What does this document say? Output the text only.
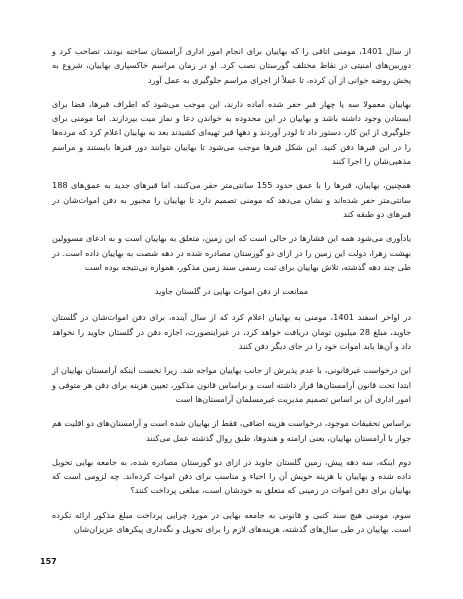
از سال 1401، مومنی اتاقی را که بهاییان برای انجام امور اداری آرامستان ساخته بودند، تصاحب کرد و دوربین‌های امنیتی در نقاط مختلف گورستان نصب کرد. او در زمان مراسم خاکسپاری بهاییان، شروع به پخش روضه خوانی از آن کرده، تا عملاً از اجرای مراسم جلوگیری به عمل آورد

بهاییان معمولا سه یا چهار قبر حفر شده آماده دارند، این موجب می‌شود که اطراف قبرها، فضا برای ایستادن وجود داشته باشد و بهاییان در این محدوده به خواندن دعا و نماز میت بپردازند. اما مومنی برای جلوگیری از این کار، دستور داد تا لودر آوردند و دهها قبر تهیه‌ای کشیدند بعد به بهاییان اعلام کرد که مرده‌ها را در این قبرها دفن کنید. این شکل قبرها موجب می‌شود تا بهاییان نتوانند دور قبرها بایستند و مراسم مذهبی‌شان را اجرا کنند

همچنین، بهاییان، قبرها را با عمق حدود 155 سانتی‌متر حفر می‌کنند، اما قبرهای جدید به عمق‌های 188 سانتی‌متر حفر شده‌اند و نشان می‌دهد که مومنی تصمیم دارد تا بهاییان را مجبور به دفن اموات‌شان در قبرهای دو طبقه کند

یادآوری می‌شود همه این فشارها در حالی است که این زمین، متعلق به بهاییان است و به ادعای مسوولین بهشت زهرا، دولت این زمین را در ازای دو گورستان مصادره شده در دهه شصت به بهاییان داده است. در طی چند دهه گذشته، تلاش بهاییان برای ثبت رسمی سند زمین مذکور، همواره بی‌نتیجه بوده است

ممانعت از دفن اموات بهایی در گلستان جاوید

در اواخر اسفند 1401، مومنی به بهاییان اعلام کرد که از سال آینده، برای دفن اموات‌شان در گلستان جاوید، مبلغ 28 میلیون تومان دریافت خواهد کرد، در غیراینصورت، اجازه دفن در گلستان جاوید را نخواهد داد و آن‌ها باید اموات خود را در جای دیگر دفن کنند

این درخواست غیرقانونی، با عدم پذیرش از جانب بهاییان مواجه شد. زیرا نخست اینکه آرامستان بهاییان از ابتدا تحت قانون آرامستان‌ها قرار داشته است و براساس قانون مذکور، تعیین هزینه برای دفن هر متوفی و امور اداری آن بر اساس تصمیم مدیریت غیرمسلمان آرامستان‌ها است

براساس تحقیقات موجود، درخواست هزینه اضافی، فقط از بهاییان شده است و آرامستان‌های دو اقلیت هم جوار با آرامستان بهاییان، یعنی ارامنه و هندوها، طبق روال گذشته عمل می‌کنند

دوم اینکه، سه دهه پیش، زمین گلستان جاوید در ازای دو گورستان مصادره شده، به جامعه بهایی تحویل داده شده و بهاییان با هزینه خویش آن را احیاء و مناسب برای دفن اموات کرده‌اند. چه لزومی است که بهاییان برای دفن اموات در زمینی که متعلق به خودشان است، مبلغی پرداخت کنند؟

سوم، مومنی هیچ سند کتبی و قانونی به جامعه بهایی در مورد چرایی پرداخت مبلغ مذکور ارائه نکرده است. بهاییان در طی سال‌های گذشته، هزینه‌های لازم را برای تحویل و نگه‌داری پیکرهای عزیزان‌شان

157
